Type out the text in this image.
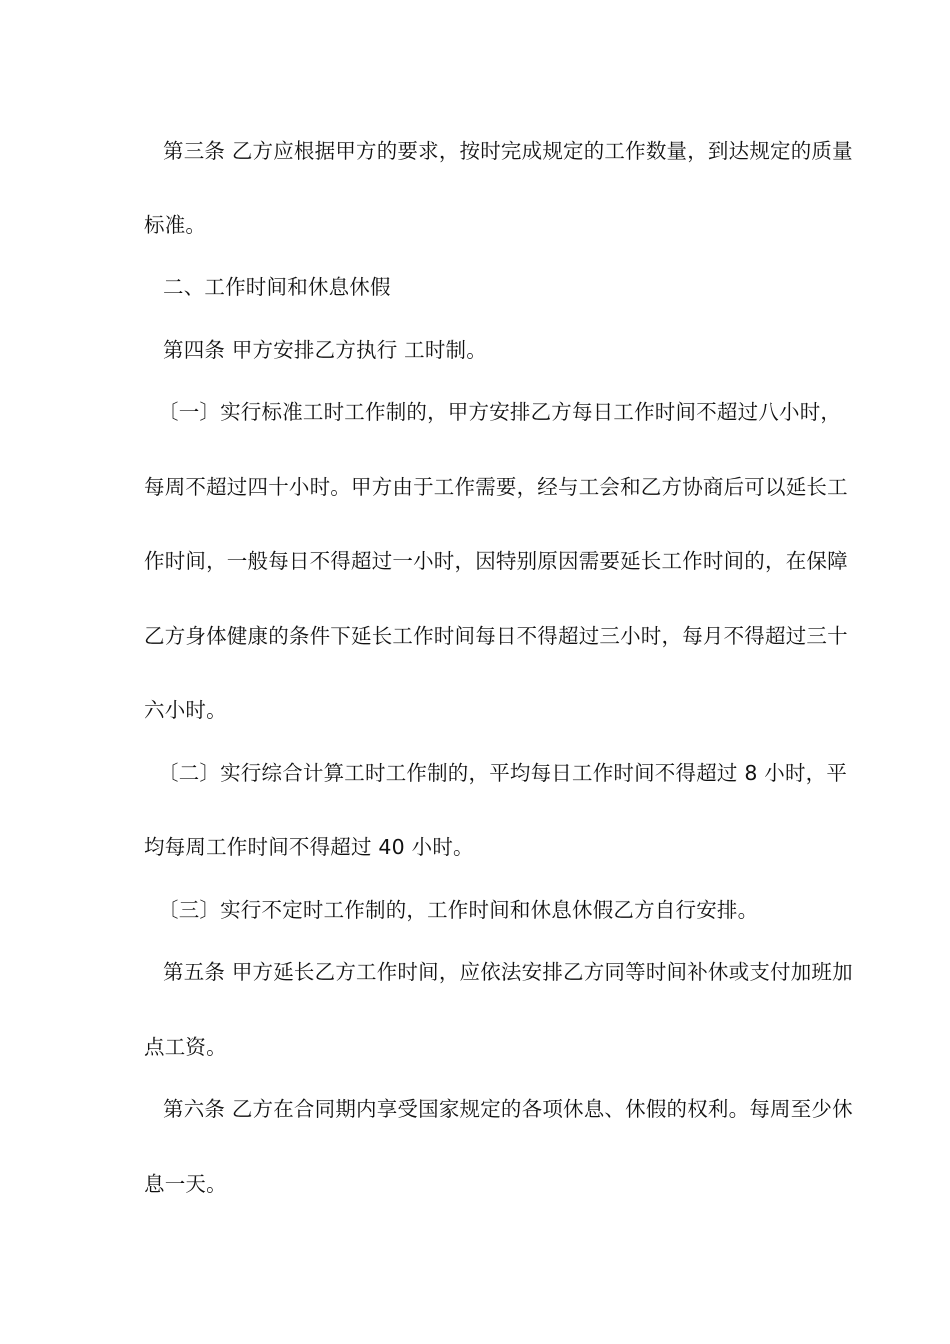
第三条 乙方应根据甲方的要求，按时完成规定的工作数量，到达规定的质量
标准。
二、工作时间和休息休假
第四条 甲方安排乙方执行 工时制。
〔一〕实行标准工时工作制的，甲方安排乙方每日工作时间不超过八小时，
每周不超过四十小时。甲方由于工作需要，经与工会和乙方协商后可以延长工
作时间，一般每日不得超过一小时，因特别原因需要延长工作时间的，在保障
乙方身体健康的条件下延长工作时间每日不得超过三小时，每月不得超过三十
六小时。
〔二〕实行综合计算工时工作制的，平均每日工作时间不得超过 8 小时，平
均每周工作时间不得超过 40 小时。
〔三〕实行不定时工作制的，工作时间和休息休假乙方自行安排。
第五条 甲方延长乙方工作时间，应依法安排乙方同等时间补休或支付加班加
点工资。
第六条 乙方在合同期内享受国家规定的各项休息、休假的权利。每周至少休
息一天。
